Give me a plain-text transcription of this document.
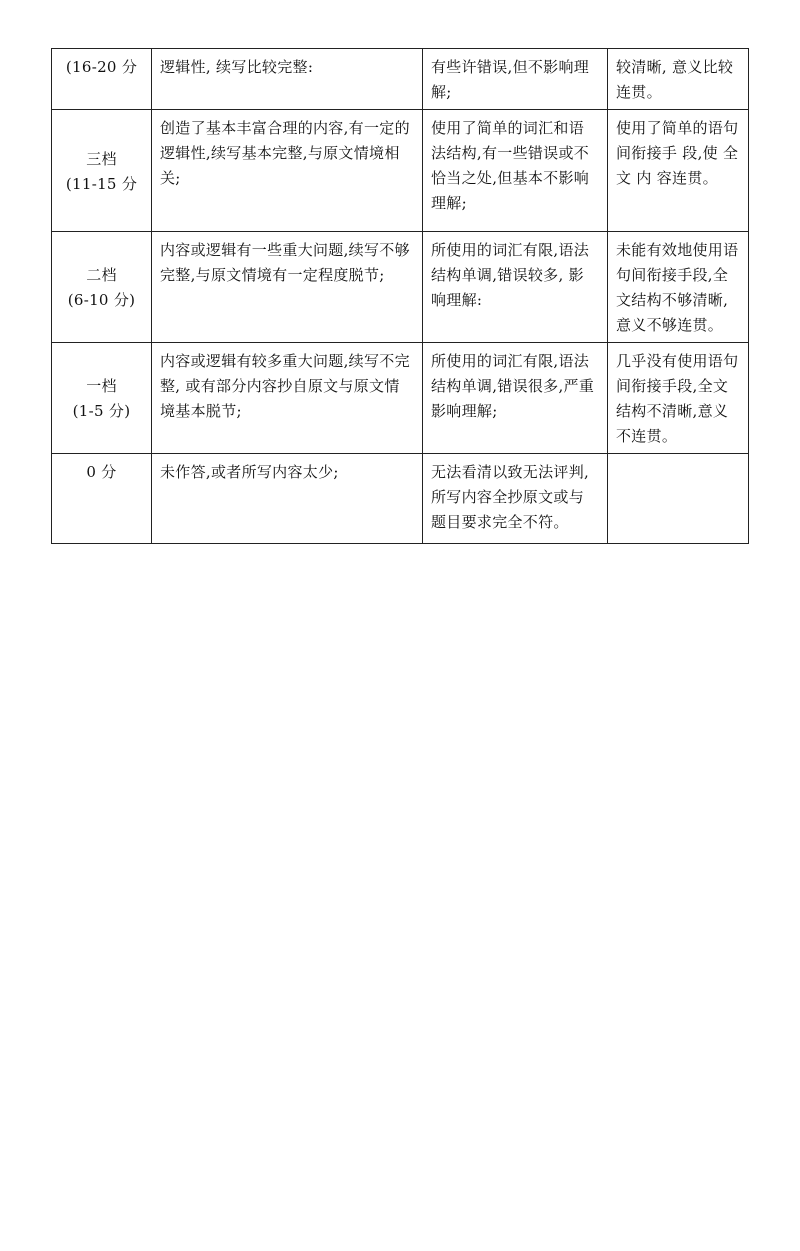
(16-20 分	逻辑性, 续写比较完整:	有些许错误,但不影响理解;	较清晰, 意义比较连贯。

三档
(11-15 分	创造了基本丰富合理的内容,有一定的逻辑性,续写基本完整,与原文情境相关;	使用了简单的词汇和语法结构,有一些错误或不恰当之处,但基本不影响理解;	使用了简单的语句间衔接手 段,使 全文 内 容连贯。

二档
(6-10 分)	内容或逻辑有一些重大问题,续写不够完整,与原文情境有一定程度脱节;	所使用的词汇有限,语法结构单调,错误较多, 影响理解:	未能有效地使用语句间衔接手段,全文结构不够清晰,意义不够连贯。

一档
(1-5 分)	内容或逻辑有较多重大问题,续写不完整, 或有部分内容抄自原文与原文情境基本脱节;	所使用的词汇有限,语法结构单调,错误很多,严重影响理解;	几乎没有使用语句间衔接手段,全文结构不清晰,意义不连贯。

0 分	未作答,或者所写内容太少;	无法看清以致无法评判,所写内容全抄原文或与题目要求完全不符。	
